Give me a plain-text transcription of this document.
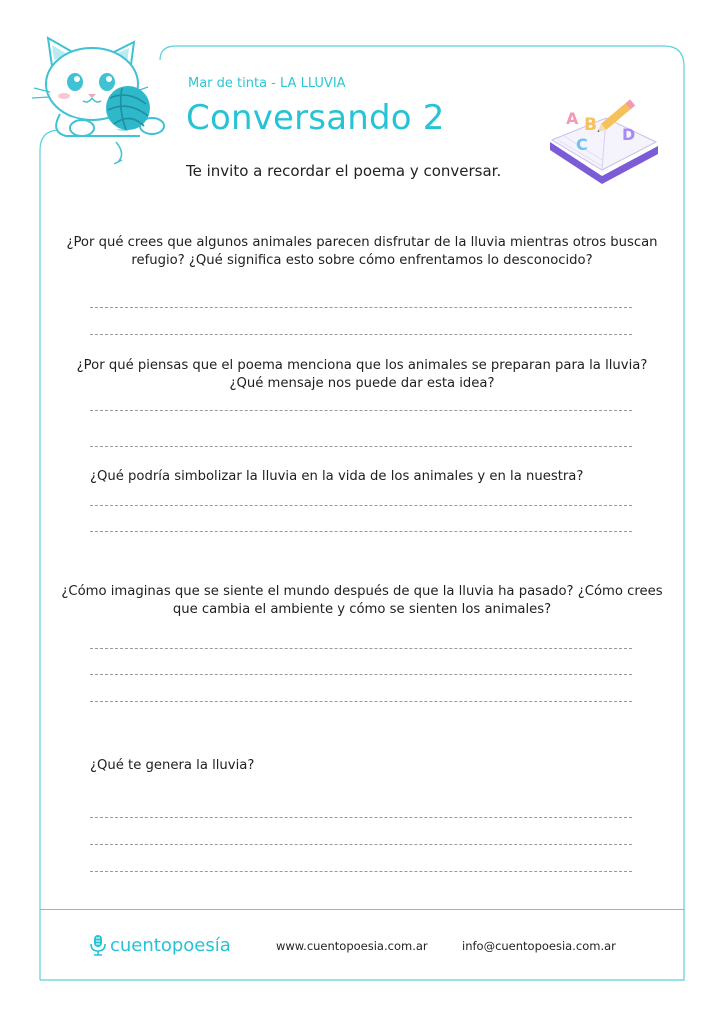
Mar de tinta - LA LLUVIA
Conversando 2
Te invito a recordar el poema y conversar.
A B
C
D
¿Por qué crees que algunos animales parecen disfrutar de la lluvia mientras otros buscan refugio? ¿Qué significa esto sobre cómo enfrentamos lo desconocido?
¿Por qué piensas que el poema menciona que los animales se preparan para la lluvia? ¿Qué mensaje nos puede dar esta idea?
¿Qué podría simbolizar la lluvia en la vida de los animales y en la nuestra?
¿Cómo imaginas que se siente el mundo después de que la lluvia ha pasado? ¿Cómo crees que cambia el ambiente y cómo se sienten los animales?
¿Qué te genera la lluvia?
cuentopoesía	www.cuentopoesia.com.ar	info@cuentopoesia.com.ar
